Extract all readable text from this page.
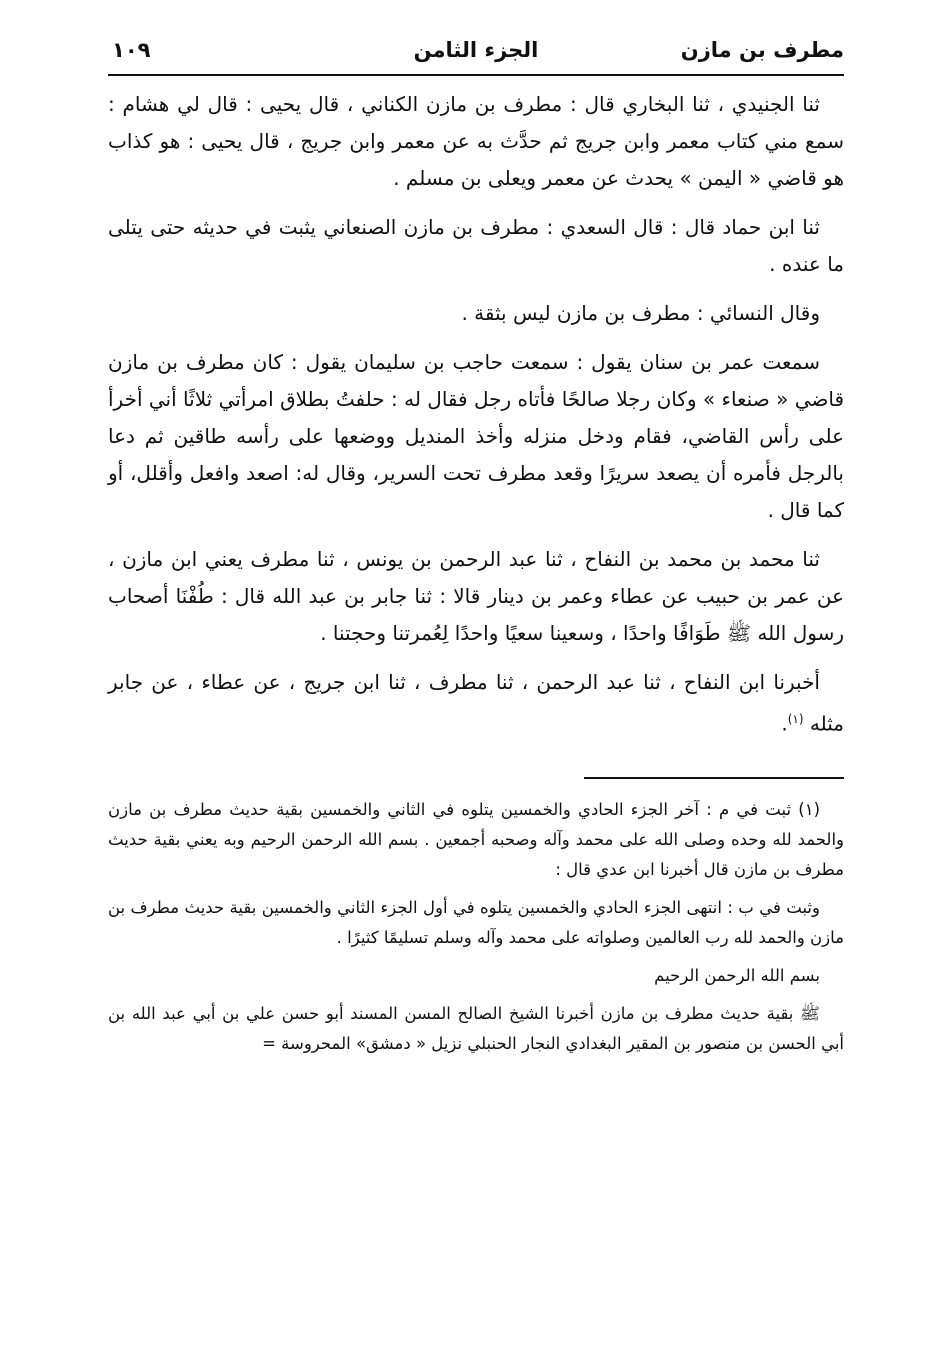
مطرف بن مازن
الجزء الثامن
١٠٩

ثنا الجنيدي ، ثنا البخاري قال : مطرف بن مازن الكناني ، قال يحيى : قال لي هشام : سمع مني كتاب معمر وابن جريج ثم حدَّث به عن معمر وابن جريج ، قال يحيى : هو كذاب هو قاضي « اليمن » يحدث عن معمر ويعلى بن مسلم .

ثنا ابن حماد قال : قال السعدي : مطرف بن مازن الصنعاني يثبت في حديثه حتى يتلى ما عنده .

وقال النسائي : مطرف بن مازن ليس بثقة .

سمعت عمر بن سنان يقول : سمعت حاجب بن سليمان يقول : كان مطرف بن مازن قاضي « صنعاء » وكان رجلا صالحًا فأتاه رجل فقال له : حلفتُ بطلاق امرأتي ثلاثًا أني أخرأ على رأس القاضي، فقام ودخل منزله وأخذ المنديل ووضعها على رأسه طاقين ثم دعا بالرجل فأمره أن يصعد سريرًا وقعد مطرف تحت السرير، وقال له: اصعد وافعل وأقلل، أو كما قال .

ثنا محمد بن محمد بن النفاح ، ثنا عبد الرحمن بن يونس ، ثنا مطرف يعني ابن مازن ، عن عمر بن حبيب عن عطاء وعمر بن دينار قالا : ثنا جابر بن عبد الله قال : طُفْنَا أصحاب رسول الله ﷺ طَوَافًا واحدًا ، وسعينا سعيًا واحدًا لِعُمرتنا وحجتنا .

أخبرنا ابن النفاح ، ثنا عبد الرحمن ، ثنا مطرف ، ثنا ابن جريج ، عن عطاء ، عن جابر مثله $^{(١)}$.

(١) ثبت في م : آخر الجزء الحادي والخمسين يتلوه في الثاني والخمسين بقية حديث مطرف بن مازن والحمد لله وحده وصلى الله على محمد وآله وصحبه أجمعين . بسم الله الرحمن الرحيم وبه يعني بقية حديث مطرف بن مازن قال أخبرنا ابن عدي قال :

وثبت في ب : انتهى الجزء الحادي والخمسين يتلوه في أول الجزء الثاني والخمسين بقية حديث مطرف بن مازن والحمد لله رب العالمين وصلواته على محمد وآله وسلم تسليمًا كثيرًا .

بسم الله الرحمن الرحيم

ﷺ بقية حديث مطرف بن مازن أخبرنا الشيخ الصالح المسن المسند أبو حسن علي بن أبي عبد الله بن أبي الحسن بن منصور بن المقير البغدادي النجار الحنبلي نزيل « دمشق» المحروسة =
